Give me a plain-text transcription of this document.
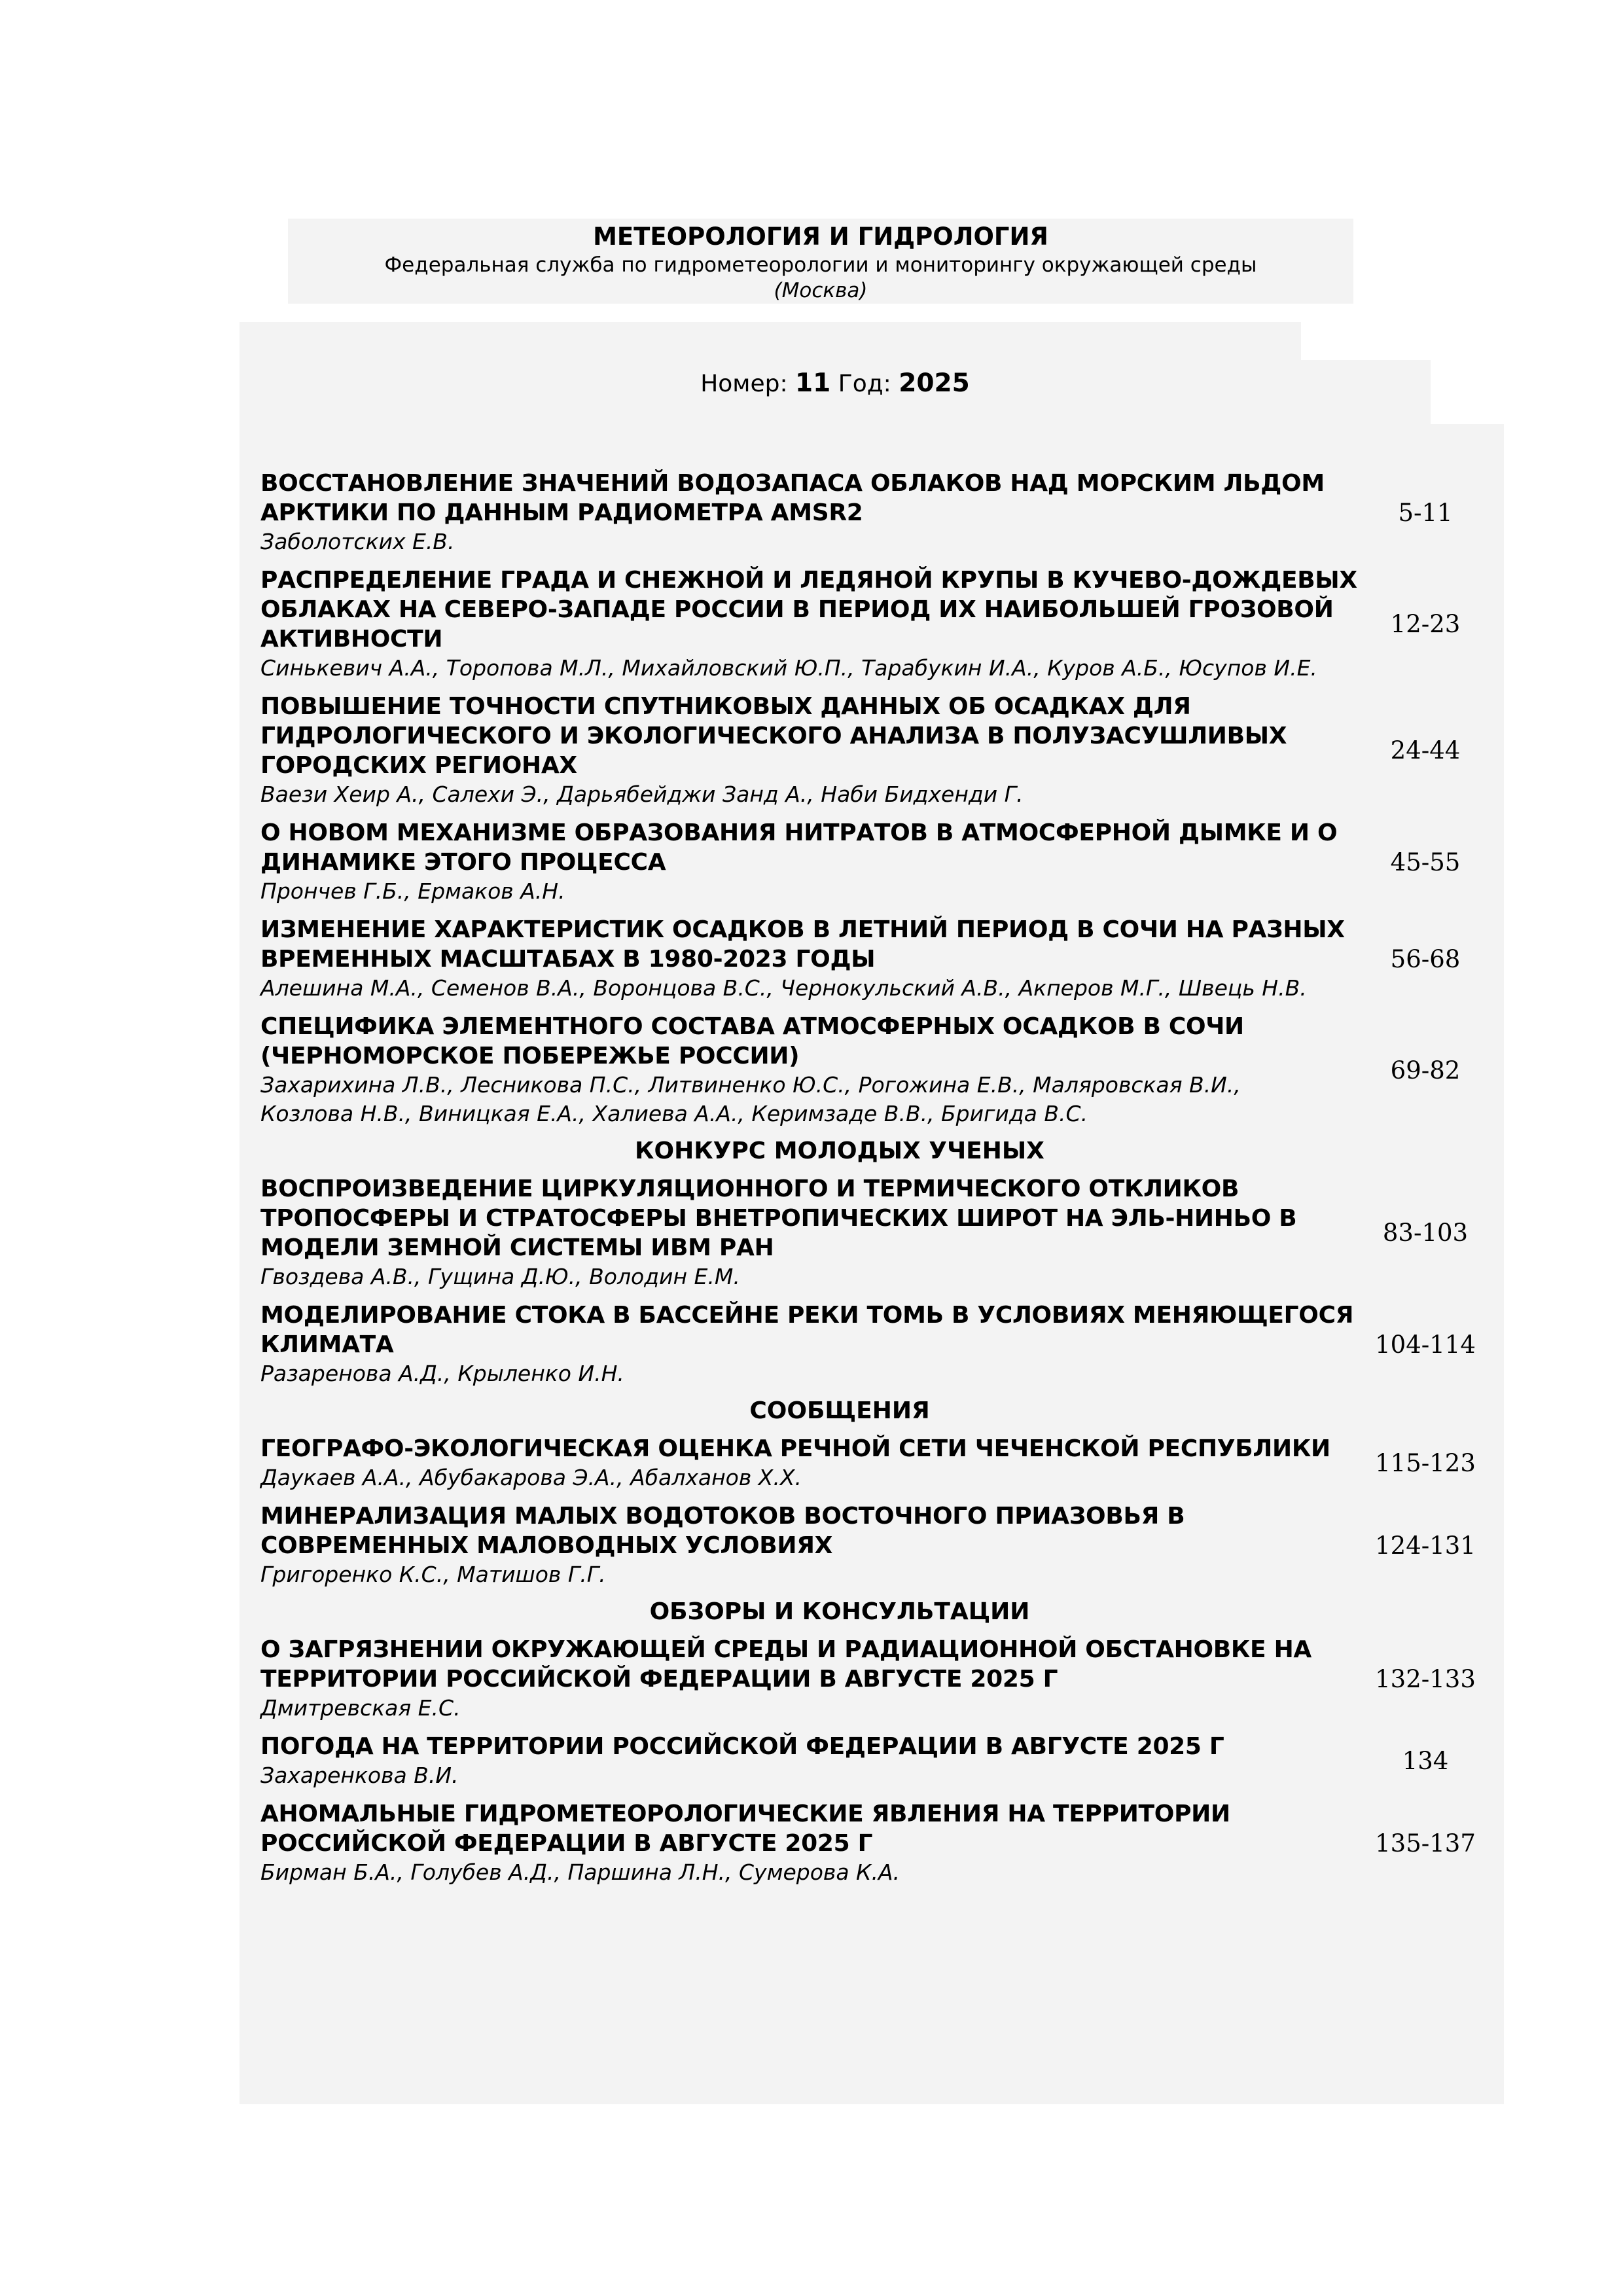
МЕТЕОРОЛОГИЯ И ГИДРОЛОГИЯ
Федеральная служба по гидрометеорологии и мониторингу окружающей среды
(Москва)
Номер: 11 Год: 2025
ВОССТАНОВЛЕНИЕ ЗНАЧЕНИЙ ВОДОЗАПАСА ОБЛАКОВ НАД МОРСКИМ ЛЬДОМ
АРКТИКИ ПО ДАННЫМ РАДИОМЕТРА AMSR2
Заболотских Е.В.
5-11
РАСПРЕДЕЛЕНИЕ ГРАДА И СНЕЖНОЙ И ЛЕДЯНОЙ КРУПЫ В КУЧЕВО-ДОЖДЕВЫХ
ОБЛАКАХ НА СЕВЕРО-ЗАПАДЕ РОССИИ В ПЕРИОД ИХ НАИБОЛЬШЕЙ ГРОЗОВОЙ
АКТИВНОСТИ
Синькевич А.А., Торопова М.Л., Михайловский Ю.П., Тарабукин И.А., Куров А.Б., Юсупов И.Е.
12-23
ПОВЫШЕНИЕ ТОЧНОСТИ СПУТНИКОВЫХ ДАННЫХ ОБ ОСАДКАХ ДЛЯ
ГИДРОЛОГИЧЕСКОГО И ЭКОЛОГИЧЕСКОГО АНАЛИЗА В ПОЛУЗАСУШЛИВЫХ
ГОРОДСКИХ РЕГИОНАХ
Ваези Хеир А., Салехи Э., Дарьябейджи Занд А., Наби Бидхенди Г.
24-44
О НОВОМ МЕХАНИЗМЕ ОБРАЗОВАНИЯ НИТРАТОВ В АТМОСФЕРНОЙ ДЫМКЕ И О
ДИНАМИКЕ ЭТОГО ПРОЦЕССА
Прончев Г.Б., Ермаков А.Н.
45-55
ИЗМЕНЕНИЕ ХАРАКТЕРИСТИК ОСАДКОВ В ЛЕТНИЙ ПЕРИОД В СОЧИ НА РАЗНЫХ
ВРЕМЕННЫХ МАСШТАБАХ В 1980-2023 ГОДЫ
Алешина М.А., Семенов В.А., Воронцова В.С., Чернокульский А.В., Акперов М.Г., Швець Н.В.
56-68
СПЕЦИФИКА ЭЛЕМЕНТНОГО СОСТАВА АТМОСФЕРНЫХ ОСАДКОВ В СОЧИ
(ЧЕРНОМОРСКОЕ ПОБЕРЕЖЬЕ РОССИИ)
Захарихина Л.В., Лесникова П.С., Литвиненко Ю.С., Рогожина Е.В., Маляровская В.И.,
Козлова Н.В., Виницкая Е.А., Халиева А.А., Керимзаде В.В., Бригида В.С.
69-82
КОНКУРС МОЛОДЫХ УЧЕНЫХ
ВОСПРОИЗВЕДЕНИЕ ЦИРКУЛЯЦИОННОГО И ТЕРМИЧЕСКОГО ОТКЛИКОВ
ТРОПОСФЕРЫ И СТРАТОСФЕРЫ ВНЕТРОПИЧЕСКИХ ШИРОТ НА ЭЛЬ-НИНЬО В
МОДЕЛИ ЗЕМНОЙ СИСТЕМЫ ИВМ РАН
Гвоздева А.В., Гущина Д.Ю., Володин Е.М.
83-103
МОДЕЛИРОВАНИЕ СТОКА В БАССЕЙНЕ РЕКИ ТОМЬ В УСЛОВИЯХ МЕНЯЮЩЕГОСЯ
КЛИМАТА
Разаренова А.Д., Крыленко И.Н.
104-114
СООБЩЕНИЯ
ГЕОГРАФО-ЭКОЛОГИЧЕСКАЯ ОЦЕНКА РЕЧНОЙ СЕТИ ЧЕЧЕНСКОЙ РЕСПУБЛИКИ
Даукаев А.А., Абубакарова Э.А., Абалханов Х.Х.
115-123
МИНЕРАЛИЗАЦИЯ МАЛЫХ ВОДОТОКОВ ВОСТОЧНОГО ПРИАЗОВЬЯ В
СОВРЕМЕННЫХ МАЛОВОДНЫХ УСЛОВИЯХ
Григоренко К.С., Матишов Г.Г.
124-131
ОБЗОРЫ И КОНСУЛЬТАЦИИ
О ЗАГРЯЗНЕНИИ ОКРУЖАЮЩЕЙ СРЕДЫ И РАДИАЦИОННОЙ ОБСТАНОВКЕ НА
ТЕРРИТОРИИ РОССИЙСКОЙ ФЕДЕРАЦИИ В АВГУСТЕ 2025 Г
Дмитревская Е.С.
132-133
ПОГОДА НА ТЕРРИТОРИИ РОССИЙСКОЙ ФЕДЕРАЦИИ В АВГУСТЕ 2025 Г
Захаренкова В.И.
134
АНОМАЛЬНЫЕ ГИДРОМЕТЕОРОЛОГИЧЕСКИЕ ЯВЛЕНИЯ НА ТЕРРИТОРИИ
РОССИЙСКОЙ ФЕДЕРАЦИИ В АВГУСТЕ 2025 Г
Бирман Б.А., Голубев А.Д., Паршина Л.Н., Сумерова К.А.
135-137
